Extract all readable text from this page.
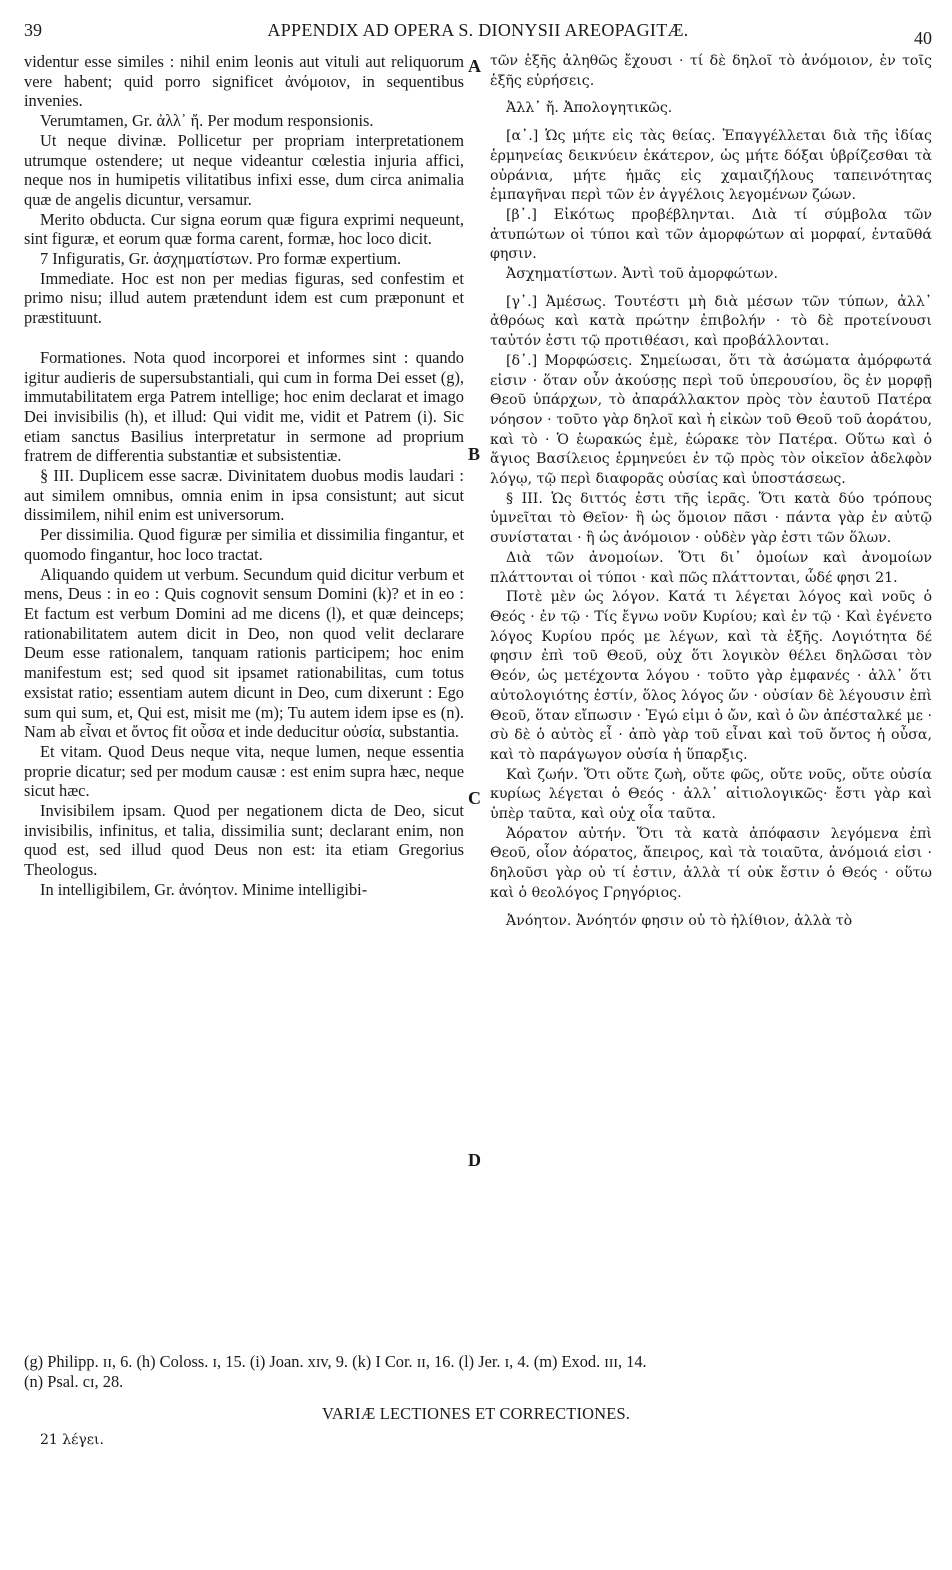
39	APPENDIX AD OPERA S. DIONYSII AREOPAGITÆ.	40

videntur esse similes : nihil enim leonis aut vituli aut reliquorum vere habent; quid porro significet ἀνόμοιον, in sequentibus invenies.

Verumtamen, Gr. ἀλλ᾽ ἤ. Per modum responsionis.

Ut neque divinæ. Pollicetur per propriam interpretationem utrumque ostendere; ut neque videantur cœlestia injuria affici, neque nos in humipetis vilitatibus infixi esse, dum circa animalia quæ de angelis dicuntur, versamur.

Merito obducta. Cur signa eorum quæ figura exprimi nequeunt, sint figuræ, et eorum quæ forma carent, formæ, hoc loco dicit.

7 Infiguratis, Gr. ἀσχηματίστων. Pro formæ expertium.

Immediate. Hoc est non per medias figuras, sed confestim et primo nisu; illud autem prætendunt idem est cum præponunt et præstituunt.

Formationes. Nota quod incorporei et informes sint : quando igitur audieris de supersubstantiali, qui cum in forma Dei esset (g), immutabilitatem erga Patrem intellige; hoc enim declarat et imago Dei invisibilis (h), et illud: Qui vidit me, vidit et Patrem (i). Sic etiam sanctus Basilius interpretatur in sermone ad proprium fratrem de differentia substantiæ et subsistentiæ.

§ III. Duplicem esse sacræ. Divinitatem duobus modis laudari : aut similem omnibus, omnia enim in ipsa consistunt; aut sicut dissimilem, nihil enim est universorum.

Per dissimilia. Quod figuræ per similia et dissimilia fingantur, et quomodo fingantur, hoc loco tractat.

Aliquando quidem ut verbum. Secundum quid dicitur verbum et mens, Deus : in eo : Quis cognovit sensum Domini (k)? et in eo : Et factum est verbum Domini ad me dicens (l), et quæ deinceps; rationabilitatem autem dicit in Deo, non quod velit declarare Deum esse rationalem, tanquam rationis participem; hoc enim manifestum est; sed quod sit ipsamet rationabilitas, cum totus exsistat ratio; essentiam autem dicunt in Deo, cum dixerunt : Ego sum qui sum, et, Qui est, misit me (m); Tu autem idem ipse es (n). Nam ab εἶναι et ὄντος fit οὖσα et inde deducitur οὐσία, substantia.

Et vitam. Quod Deus neque vita, neque lumen, neque essentia proprie dicatur; sed per modum causæ : est enim supra hæc, neque sicut hæc.

Invisibilem ipsam. Quod per negationem dicta de Deo, sicut invisibilis, infinitus, et talia, dissimilia sunt; declarant enim, non quod est, sed illud quod Deus non est: ita etiam Gregorius Theologus.

In intelligibilem, Gr. ἀνόητον. Minime intelligibi-

A
B
C
D

τῶν ἑξῆς ἀληθῶς ἔχουσι · τί δὲ δηλοῖ τὸ ἀνόμοιον, ἐν τοῖς ἑξῆς εὑρήσεις.

Ἀλλ᾽ ἤ. Ἀπολογητικῶς.

[α᾽.] Ὡς μήτε εἰς τὰς θείας. Ἐπαγγέλλεται διὰ τῆς ἰδίας ἑρμηνείας δεικνύειν ἑκάτερον, ὡς μήτε δόξαι ὑβρίζεσθαι τὰ οὐράνια, μήτε ἡμᾶς εἰς χαμαιζήλους ταπεινότητας ἐμπαγῆναι περὶ τῶν ἐν ἀγγέλοις λεγομένων ζώων.

[β᾽.] Εἰκότως προβέβληνται. Διὰ τί σύμβολα τῶν ἀτυπώτων οἱ τύποι καὶ τῶν ἀμορφώτων αἱ μορφαί, ἐνταῦθά φησιν.

Ἀσχηματίστων. Ἀντὶ τοῦ ἀμορφώτων.

[γ᾽.] Ἀμέσως. Τουτέστι μὴ διὰ μέσων τῶν τύπων, ἀλλ᾽ ἀθρόως καὶ κατὰ πρώτην ἐπιβολήν · τὸ δὲ προτείνουσι ταὐτόν ἐστι τῷ προτιθέασι, καὶ προβάλλονται.

[δ᾽.] Μορφώσεις. Σημείωσαι, ὅτι τὰ ἀσώματα ἀμόρφωτά εἰσιν · ὅταν οὖν ἀκούσῃς περὶ τοῦ ὑπερουσίου, ὃς ἐν μορφῇ Θεοῦ ὑπάρχων, τὸ ἀπαράλλακτον πρὸς τὸν ἑαυτοῦ Πατέρα νόησον · τοῦτο γὰρ δηλοῖ καὶ ἡ εἰκὼν τοῦ Θεοῦ τοῦ ἀοράτου, καὶ τὸ · Ὁ ἑωρακώς ἐμὲ, ἑώρακε τὸν Πατέρα. Οὕτω καὶ ὁ ἅγιος Βασίλειος ἑρμηνεύει ἐν τῷ πρὸς τὸν οἰκεῖον ἀδελφὸν λόγῳ, τῷ περὶ διαφορᾶς οὐσίας καὶ ὑποστάσεως.

§ III. Ὡς διττός ἐστι τῆς ἱερᾶς. Ὅτι κατὰ δύο τρόπους ὑμνεῖται τὸ Θεῖον· ἢ ὡς ὅμοιον πᾶσι · πάντα γὰρ ἐν αὐτῷ συνίσταται · ἢ ὡς ἀνόμοιον · οὐδὲν γὰρ ἐστι τῶν ὅλων.

Διὰ τῶν ἀνομοίων. Ὅτι δι᾽ ὁμοίων καὶ ἀνομοίων πλάττονται οἱ τύποι · καὶ πῶς πλάττονται, ὧδέ φησι 21.

Ποτὲ μὲν ὡς λόγον. Κατά τι λέγεται λόγος καὶ νοῦς ὁ Θεός · ἐν τῷ · Τίς ἔγνω νοῦν Κυρίου; καὶ ἐν τῷ · Καὶ ἐγένετο λόγος Κυρίου πρός με λέγων, καὶ τὰ ἑξῆς. Λογιότητα δέ φησιν ἐπὶ τοῦ Θεοῦ, οὐχ ὅτι λογικὸν θέλει δηλῶσαι τὸν Θεόν, ὡς μετέχοντα λόγου · τοῦτο γὰρ ἐμφανές · ἀλλ᾽ ὅτι αὐτολογιότης ἐστίν, ὅλος λόγος ὤν · οὐσίαν δὲ λέγουσιν ἐπὶ Θεοῦ, ὅταν εἴπωσιν · Ἐγώ εἰμι ὁ ὤν, καὶ ὁ ὢν ἀπέσταλκέ με · σὺ δὲ ὁ αὐτὸς εἶ · ἀπὸ γὰρ τοῦ εἶναι καὶ τοῦ ὄντος ἡ οὖσα, καὶ τὸ παράγωγον οὐσία ἡ ὕπαρξις.

Καὶ ζωήν. Ὅτι οὔτε ζωὴ, οὔτε φῶς, οὔτε νοῦς, οὔτε οὐσία κυρίως λέγεται ὁ Θεός · ἀλλ᾽ αἰτιολογικῶς· ἔστι γὰρ καὶ ὑπὲρ ταῦτα, καὶ οὐχ οἷα ταῦτα.

Ἀόρατον αὐτήν. Ὅτι τὰ κατὰ ἀπόφασιν λεγόμενα ἐπὶ Θεοῦ, οἷον ἀόρατος, ἄπειρος, καὶ τὰ τοιαῦτα, ἀνόμοιά εἰσι · δηλοῦσι γὰρ οὐ τί ἐστιν, ἀλλὰ τί οὐκ ἔστιν ὁ Θεός · οὕτω καὶ ὁ θεολόγος Γρηγόριος.

Ἀνόητον. Ἀνόητόν φησιν οὐ τὸ ἠλίθιον, ἀλλὰ τὸ

(g) Philipp. ɪɪ, 6. (h) Coloss. ɪ, 15. (i) Joan. xɪv, 9. (k) I Cor. ɪɪ, 16. (l) Jer. ɪ, 4. (m) Exod. ɪɪɪ, 14.
(n) Psal. cɪ, 28.
VARIÆ LECTIONES ET CORRECTIONES.
21 λέγει.
